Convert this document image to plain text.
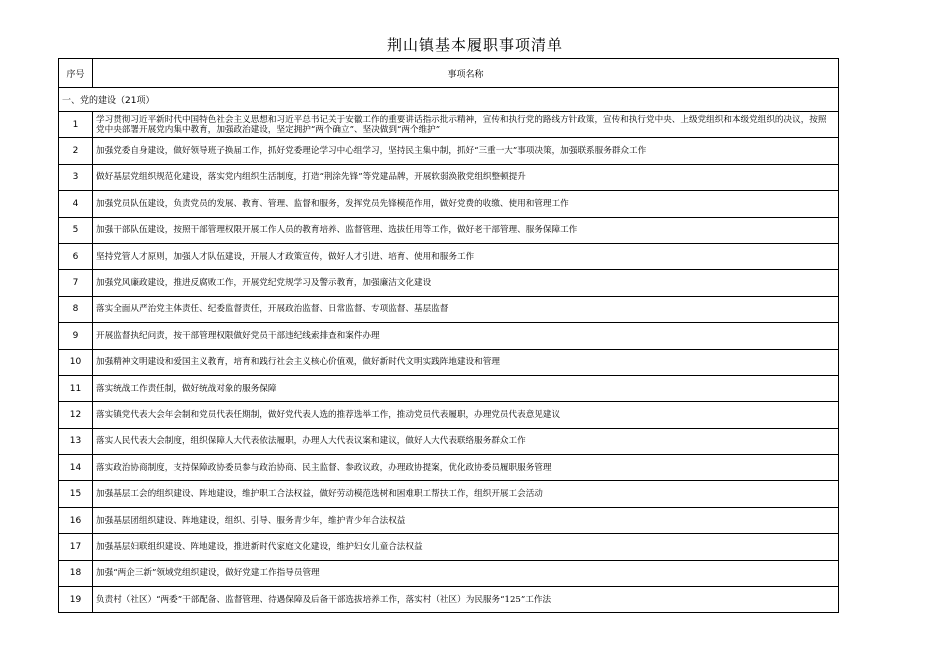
荆山镇基本履职事项清单
序号	事项名称
一、党的建设（21项）	
1	学习贯彻习近平新时代中国特色社会主义思想和习近平总书记关于安徽工作的重要讲话指示批示精神，宣传和执行党的路线方针政策，宣传和执行党中央、上级党组织和本级党组织的决议，按照党中央部署开展党内集中教育，加强政治建设，坚定拥护“两个确立”、坚决做到“两个维护”
2	加强党委自身建设，做好领导班子换届工作，抓好党委理论学习中心组学习，坚持民主集中制，抓好“三重一大”事项决策，加强联系服务群众工作
3	做好基层党组织规范化建设，落实党内组织生活制度，打造“荆涂先锋”等党建品牌，开展软弱涣散党组织整顿提升
4	加强党员队伍建设，负责党员的发展、教育、管理、监督和服务，发挥党员先锋模范作用，做好党费的收缴、使用和管理工作
5	加强干部队伍建设，按照干部管理权限开展工作人员的教育培养、监督管理、选拔任用等工作，做好老干部管理、服务保障工作
6	坚持党管人才原则，加强人才队伍建设，开展人才政策宣传，做好人才引进、培育、使用和服务工作
7	加强党风廉政建设，推进反腐败工作，开展党纪党规学习及警示教育，加强廉洁文化建设
8	落实全面从严治党主体责任、纪委监督责任，开展政治监督、日常监督、专项监督、基层监督
9	开展监督执纪问责，按干部管理权限做好党员干部违纪线索排查和案件办理
10	加强精神文明建设和爱国主义教育，培育和践行社会主义核心价值观，做好新时代文明实践阵地建设和管理
11	落实统战工作责任制，做好统战对象的服务保障
12	落实镇党代表大会年会制和党员代表任期制，做好党代表人选的推荐选举工作，推动党员代表履职，办理党员代表意见建议
13	落实人民代表大会制度，组织保障人大代表依法履职，办理人大代表议案和建议，做好人大代表联络服务群众工作
14	落实政治协商制度，支持保障政协委员参与政治协商、民主监督、参政议政，办理政协提案，优化政协委员履职服务管理
15	加强基层工会的组织建设、阵地建设，维护职工合法权益，做好劳动模范选树和困难职工帮扶工作，组织开展工会活动
16	加强基层团组织建设、阵地建设，组织、引导、服务青少年，维护青少年合法权益
17	加强基层妇联组织建设、阵地建设，推进新时代家庭文化建设，维护妇女儿童合法权益
18	加强“两企三新”领域党组织建设，做好党建工作指导员管理
19	负责村（社区）“两委”干部配备、监督管理、待遇保障及后备干部选拔培养工作，落实村（社区）为民服务“125”工作法
